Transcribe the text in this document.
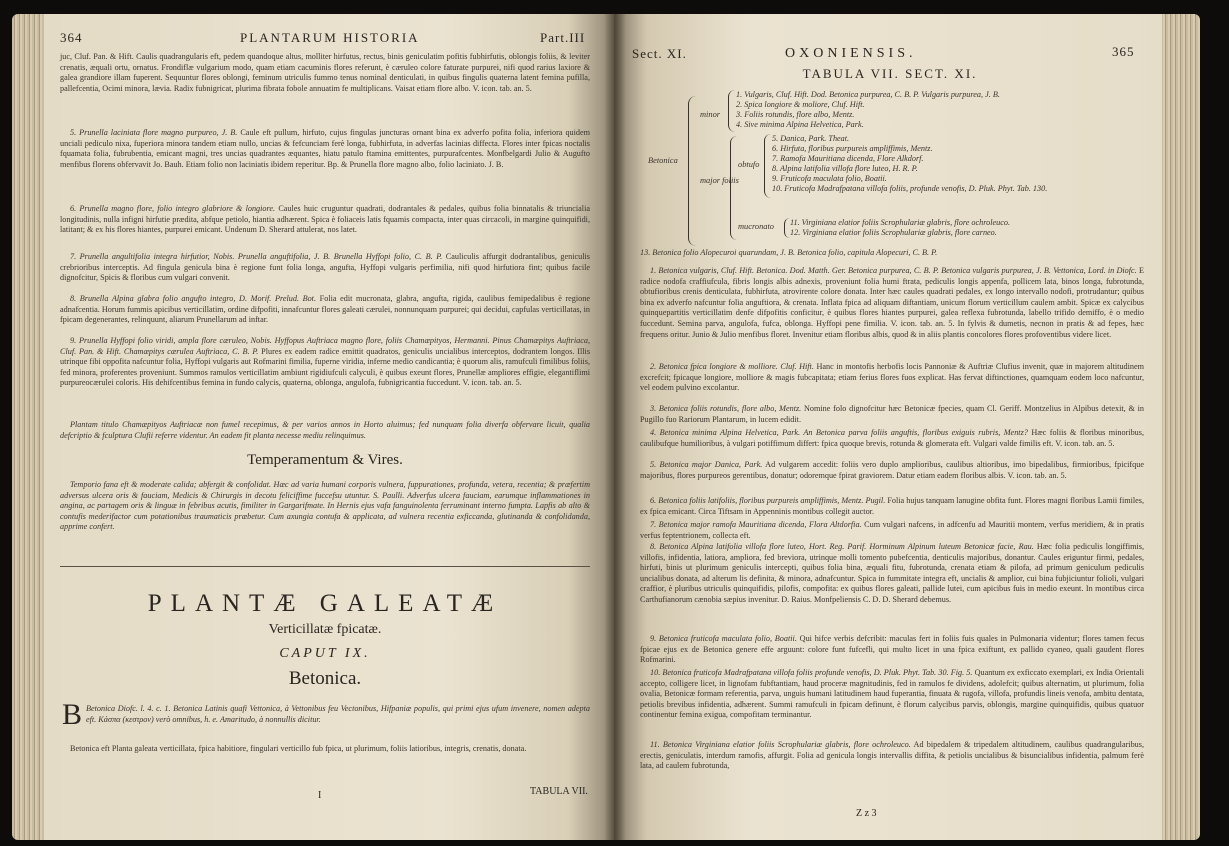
364	PLANTARUM HISTORIA	Part.III
juc, Cluf. Pan. & Hift. Caulis quadrangularis eft, pedem quandoque altus, molliter hirfutus, rectus, binis geniculatim pofitis fubhirfutis, oblongis foliis, & leviter crenatis, æquali ortu, ornatus. Frondiflæ vulgarium modo, quam etiam cacuminis flores referunt, è cæruleo colore faturate purpurei, nifi quod rarius laxiore & galea grandiore illam fuperent. Sequuntur flores oblongi, feminum utriculis fummo tenus nominal denticulati, in quibus fingulis quaterna latent femina pufilla, pallefcentia, Ocimi minora, lævia. Radix fubnigricat, plurima fibrata fobole annuatim fe multiplicans. Vaisat etiam flore albo. V. icon. tab. an. 5.
5. Prunella laciniata flore magno purpureo, J. B. Caule eft pullum, hirfuto, cujus fingulas juncturas ornant bina ex adverfo pofita folia, inferiora quidem unciali pediculo nixa, fuperiora minora tandem etiam nullo, uncias & fefcunciam ferè longa, fubhirfuta, in adverfas lacinias diffecta. Flores inter fpicas noctalis fquamata folia, fubrubentia, emicant magni, tres uncias quadrantes æquantes, hiatu patulo ftamina emittentes, purpurafcentes. Monfbelgardi Julio & Augufto menfibus florens obfervavit Jo. Bauh. Etiam folio non laciniatis ibidem reperitur. Bp. & Prunella flore magno albo, folio laciniato. J. B.
6. Prunella magno flore, folio integro glabriore & longiore. Caules huic cruguntur quadrati, dodrantales & pedales, quibus folia binnatalis & triuncialia longitudinis, nulla infigni hirfutie prædita, abfque petiolo, hiantia adhærent. Spica è foliaceis latis fquamis compacta, inter quas circacoli, in margine quinquifidi, latitant; & ex his flores hiantes, purpurei emicant. Undenum D. Sherard attulerat, nos latet.
7. Prunella angultifolia integra hirfutior, Nobis. Prunella anguftifolia, J. B. Brunella Hyffopi folio, C. B. P. Cauliculis affurgit dodrantalibus, geniculis crebrioribus interceptis. Ad fingula genicula bina è regione funt folia longa, angufta, Hyffopi vulgaris perfimilia, nifi quod hirfutiora fint; quibus facile dignofcitur, Spicis & floribus cum vulgari convenit.
8. Brunella Alpina glabra folio angufto integro, D. Morif. Prelud. Bot. Folia edit mucronata, glabra, angufta, rigida, caulibus femipedalibus è regione adnafcentia. Horum fummis apicibus verticillatim, ordine difpofiti, innafcuntur flores galeati cærulei, nonnunquam purpurei; qui decidui, capfulas verticillatas, in fpicam degenerantes, relinquunt, aliarum Prunellarum ad inftar.
9. Prunella Hyffopi folio viridi, ampla flore cæruleo, Nobis. Hyffopus Auftriaca magno flore, foliis Chamæpityos, Hermanni. Pinus Chamæpitys Auftriaca, Cluf. Pan. & Hift. Chamæpitys cærulea Auftriaca, C. B. P. Plures ex eadem radice emittit quadratos, geniculis uncialibus interceptos, dodrantem longos. Illis utrinque fibi oppofita nafcuntur folia, Hyffopi vulgaris aut Rofmarini fimilia, fuperne viridia, inferne medio candicantia; è quorum alis, ramufculi fimilibus foliis, fed minora, proferentes proveniunt. Summos ramulos verticillatim ambiunt rigidiufculi calyculi, è quibus exeunt flores, Prunellæ ampliores effigie, elegantiflimi purpureocærulei coloris. His dehifcentibus femina in fundo calycis, quaterna, oblonga, angulofa, fubnigricantia fuccedunt. V. icon. tab. an. 5.
Plantam titulo Chamæpityos Auftriacæ non fumel recepimus, & per varios annos in Horto aluimus; fed nunquam folia diverfa obfervare licuit, qualia defcriptio & fculptura Clufii referre videntur. An eadem fit planta necesse mediu relinquimus.
Temperamentum & Vires.
Temporio fana eft & moderate calida; abfergit & confolidat. Hæc ad varia humani corporis vulnera, fuppurationes, profunda, vetera, recentia; & præfertim adversus ulcera oris & fauciam, Medicis & Chirurgis in decotu feliciffime fuccefsu utuntur. S. Paulli. Adverfus ulcera fauciam, earumque inflammationes in angina, ac partagem oris & linguæ in febribus acutis, fimiliter in Gargarifmate. In Hernis ejus vafa fanguinolenta ferruminant interno fumpta. Lapfis ab alto & contufis mederifactor cum potationibus traumaticis præbetur. Cum axungia contufa & applicata, ad vulnera recentia exficcanda, glutinanda & confolidanda, apprime confert.
PLANTÆ GALEATÆ
Verticillatæ fpicatæ.
CAPUT IX.
Betonica.
B Betonica Diofc. l. 4. c. 1. Betonica Latinis quafi Vettonica, à Vettonibus feu Vectonibus, Hifpaniæ populis, qui primi ejus ufum invenere, nomen adepta eft. Kάσπα (κεστρον) verò omnibus, h. e. Amaritudo, à nonnullis dicitur.
Betonica eft Planta galeata verticillata, fpica habitiore, fingulari verticillo fub fpica, ut plurimum, foliis latioribus, integris, crenatis, donata.
I	TABULA VII.
Sect. XI.	OXONIENSIS.	365
TABULA VII. SECT. XI.
Betonica
minor
1. Vulgaris, Cluf. Hift. Dod. Betonica purpurea, C. B. P. Vulgaris purpurea, J. B.
2. Spica longiore & moliore, Cluf. Hift.
3. Foliis rotundis, flore albo, Mentz.
4. Sive minima Alpina Helvetica, Park.
major foliis
obtufo
5. Danica, Park. Theat.
6. Hirfuta, floribus purpureis ampliffimis, Mentz.
7. Ramofa Mauritiana dicenda, Flore Alkdorf.
8. Alpina latifolia villofa flore luteo, H. R. P.
9. Fruticofa maculata folio, Boatii.
10. Fruticofa Madrafpatana villofa foliis, profunde venofis, D. Pluk. Phyt. Tab. 130.
mucronato 11. Virginiana elatior foliis Scrophulariæ glabris, flore ochroleuco.
12. Virginiana elatior foliis Scrophulariæ glabris, flore carneo.
13. Betonica folio Alopecuroi quarundam, J. B. Betonica folio, capitula Alopecuri, C. B. P.
1. Betonica vulgaris, Cluf. Hift. Betonica. Dod. Matth. Ger. Betonica purpurea, C. B. P. Betonica vulgaris purpurea, J. B. Vettonica, Lord. in Diofc. E radice nodofa craffiufcula, fibris longis albis adnexis, proveniunt folia humi ftrata, pediculis longis appenfa, pollicem lata, binos longa, fubrotunda, obtufioribus crenis denticulata, fubhirfuta, atrovirente colore donata. Inter hæc caules quadrati pedales, ex longo intervallo nodofi, protrudantur; quibus bina ex adverfo nafcuntur folia anguftiora, & crenata. Inflata fpica ad aliquam diftantiam, unicum florum verticillum caulem ambit. Spicæ ex calycibus quinquepartitis verticillatim denfe difpofitis conficitur, è quibus flores hiantes purpurei, galea reflexa fubrotunda, labello trifido demiffo, è o medio fuccedunt. Semina parva, angulofa, fufca, oblonga. Hyffopi pene fimilia. V. icon. tab. an. 5. In fylvis & dumetis, necnon in pratis & ad fepes, hæc frequens oritur. Junio & Julio menfibus floret. Invenitur etiam floribus albis, quod & in aliis plantis concolores flores profoventibus videre licet.
2. Betonica fpica longiore & molliore. Cluf. Hift. Hanc in montofis herbofis locis Pannoniæ & Auftriæ Clufius invenit, quæ in majorem altitudinem excrefcit; fpicaque longiore, molliore & magis fubcapitata; etiam ferius flores fuos explicat. Has fervat diftinctiones, quamquam eodem loco nafcuntur, vel eodem pulvino excolantur.
3. Betonica foliis rotundis, flore albo, Mentz. Nomine folo dignofcitur hæc Betonicæ fpecies, quam Cl. Geriff. Montzelius in Alpibus detexit, & in Pugillo fuo Rariorum Plantarum, in lucem edidit.
4. Betonica minima Alpina Helvetica, Park. An Betonica parva foliis anguftis, floribus exiguis rubris, Mentz? Hæc foliis & floribus minoribus, caulibufque humilioribus, à vulgari potiffimum differt: fpica quoque brevis, rotunda & glomerata eft. Vulgari valde fimilis eft. V. icon. tab. an. 5.
5. Betonica major Danica, Park. Ad vulgarem accedit: foliis vero duplo amplioribus, caulibus altioribus, imo bipedalibus, firmioribus, fpicifque majoribus, flores purpureos gerentibus, donatur; odoremque fpirat graviorem. Datur etiam eadem floribus albis. V. icon. tab. an. 5.
6. Betonica foliis latifoliis, floribus purpureis ampliffimis, Mentz. Pugil. Folia hujus tanquam lanugine obfita funt. Flores magni floribus Lamii fimiles, ex fpica emicant. Circa Tiftsam in Appenninis montibus collegit auctor.
7. Betonica major ramofa Mauritiana dicenda, Flora Altdorfia. Cum vulgari nafcens, in adfcenfu ad Mauritii montem, verfus meridiem, & in pratis verfus feptentrionem, collecta eft.
8. Betonica Alpina latifolia villofa flore luteo, Hort. Reg. Parif. Horminum Alpinum luteum Betonicæ facie, Rau. Hæc folia pediculis longiffimis, villofis, infidentia, latiora, ampliora, fed breviora, utrinque molli tomento pubefcentia, denticulis majoribus, donantur. Caules eriguntur firmi, pedales, hirfuti, binis ut plurimum geniculis intercepti, quibus folia bina, æquali fitu, fubrotunda, crenata etiam & pilofa, ad primum geniculum pediculis uncialibus donata, ad alterum lis definita, & minora, adnafcuntur. Spica in fummitate integra eft, uncialis & amplior, cui bina fubjiciuntur folioli, vulgari craffior, è pluribus utriculis quinquifidis, pilofis, compofita: ex quibus flores galeati, pallide lutei, cum apicibus fuis in medio exeunt. In montibus circa Carthufianorum cænobia sæpius invenitur. D. Raius. Monfpeliensis C. D. D. Sherard debemus.
9. Betonica fruticofa maculata folio, Boatii. Qui hifce verbis defcribit: maculas fert in foliis fuis quales in Pulmonaria videntur; flores tamen fecus fpicae ejus ex de Betonica genere effe arguunt: colore funt fufcefli, qui multo licet in una fpica exiftunt, ex pallido cyaneo, quali gaudent flores Rofmarini.
10. Betonica fruticofa Madrafpatana villofa foliis profunde venofis, D. Pluk. Phyt. Tab. 30. Fig. 5. Quantum ex exficcato exemplari, ex India Orientali accepto, colligere licet, in lignofam fubftantiam, haud proceræ magnitudinis, fed in ramulos fe dividens, adolefcit; quibus alternatim, ut plurimum, folia ovalia, Betonicæ formam referentia, parva, unguis humani latitudinem haud fuperantia, finuata & rugofa, villofa, profundis lineis venofa, ambitu dentata, petiolis brevibus infidentia, adhærent. Summi ramufculi in fpicam definunt, è florum calycibus parvis, oblongis, margine quinquifidis, quibus quatuor continentur femina exigua, compofitam terminantur.
11. Betonica Virginiana elatior foliis Scrophulariæ glabris, flore ochroleuco. Ad bipedalem & tripedalem altitudinem, caulibus quadrangularibus, erectis, geniculatis, interdum ramofis, affurgit. Folia ad genicula longis intervallis diffita, & petiolis uncialibus & bisuncialibus infidentia, palmum ferè lata, ad caulem fubrotunda,
Z z 3
